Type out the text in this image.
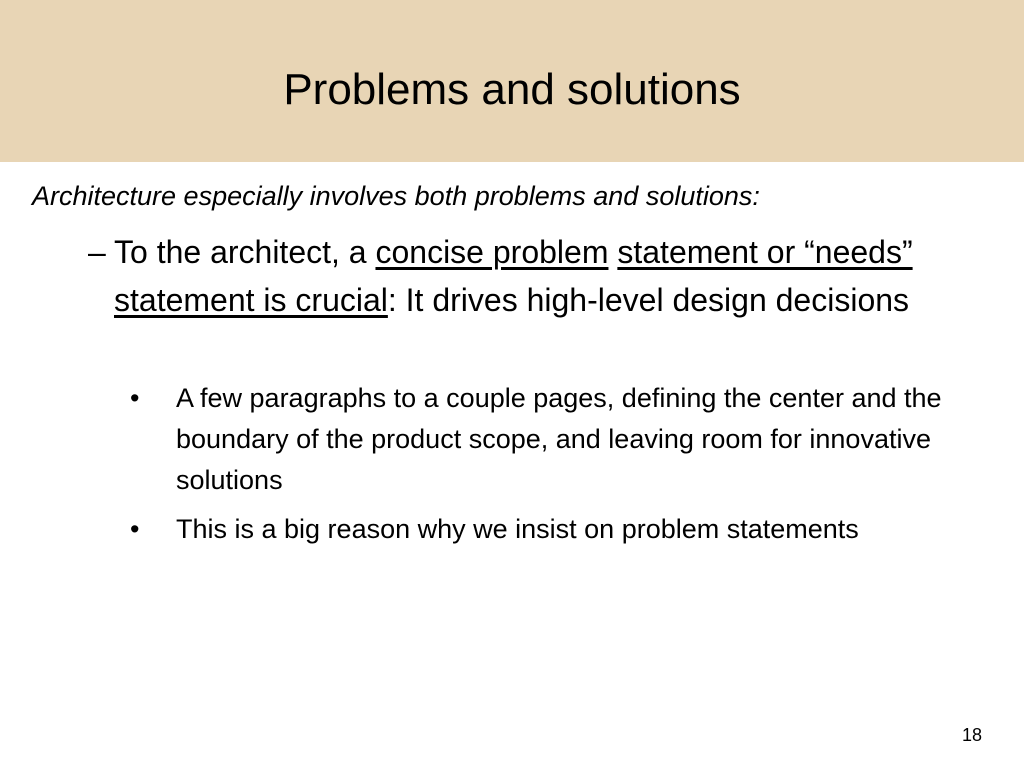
Problems and solutions

Architecture especially involves both problems and solutions:

– To the architect, a concise problem statement or “needs” statement is crucial: It drives high-level design decisions

•	A few paragraphs to a couple pages, defining the center and the boundary of the product scope, and leaving room for innovative solutions
•	This is a big reason why we insist on problem statements
18
